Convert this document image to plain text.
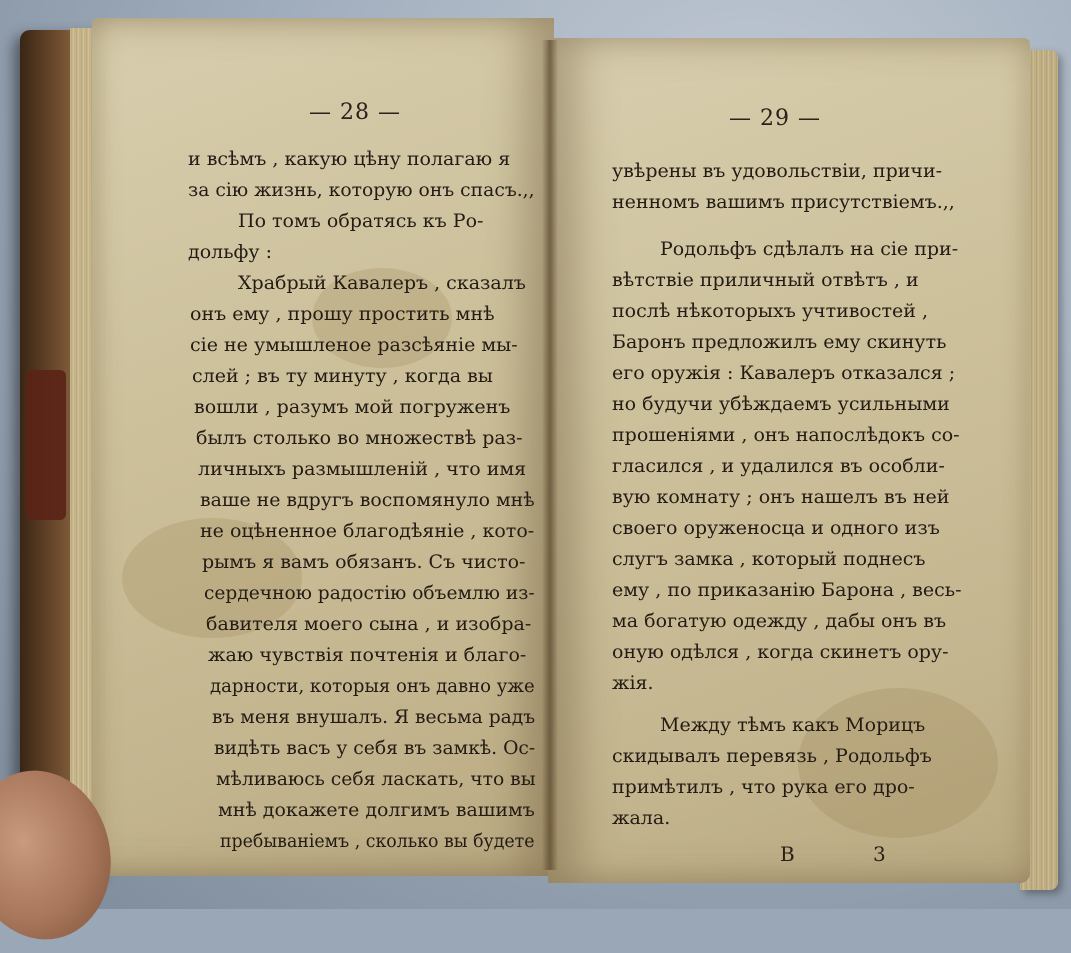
— 28 —	— 29 —
и всѣмъ , какую цѣну полагаю я
за сію жизнь, которую онъ спасъ.,,
По томъ обратясь къ Ро-
дольфу :
Храбрый Кавалеръ , сказалъ
онъ ему , прошу простить мнѣ
сіе не умышленое разсѣяніе мы-
слей ; въ ту минуту , когда вы
вошли , разумъ мой погруженъ
былъ столько во множествѣ раз-
личныхъ размышленій , что имя
ваше не вдругъ воспомянуло мнѣ
не оцѣненное благодѣяніе , кото-
рымъ я вамъ обязанъ. Съ чисто-
сердечною радостію объемлю из-
бавителя моего сына , и изобра-
жаю чувствія почтенія и благо-
дарности, которыя онъ давно уже
въ меня внушалъ. Я весьма радъ
видѣть васъ у себя въ замкѣ. Ос-
мѣливаюсь себя ласкать, что вы
мнѣ докажете долгимъ вашимъ
пребываніемъ , сколько вы будете
увѣрены въ удовольствіи, причи-
ненномъ вашимъ присутствіемъ.,,
Родольфъ сдѣлалъ на сіе при-
вѣтствіе приличный отвѣтъ , и
послѣ нѣкоторыхъ учтивостей ,
Баронъ предложилъ ему скинуть
его оружія : Кавалеръ отказался ;
но будучи убѣждаемъ усильными
прошеніями , онъ напослѣдокъ со-
гласился , и удалился въ особли-
вую комнату ; онъ нашелъ въ ней
своего оруженосца и одного изъ
слугъ замка , который поднесъ
ему , по приказанію Барона , весь-
ма богатую одежду , дабы онъ въ
оную одѣлся , когда скинетъ ору-
жія.
Между тѣмъ какъ Морицъ
скидывалъ перевязь , Родольфъ
примѣтилъ , что рука его дро-
жала.
В 3
